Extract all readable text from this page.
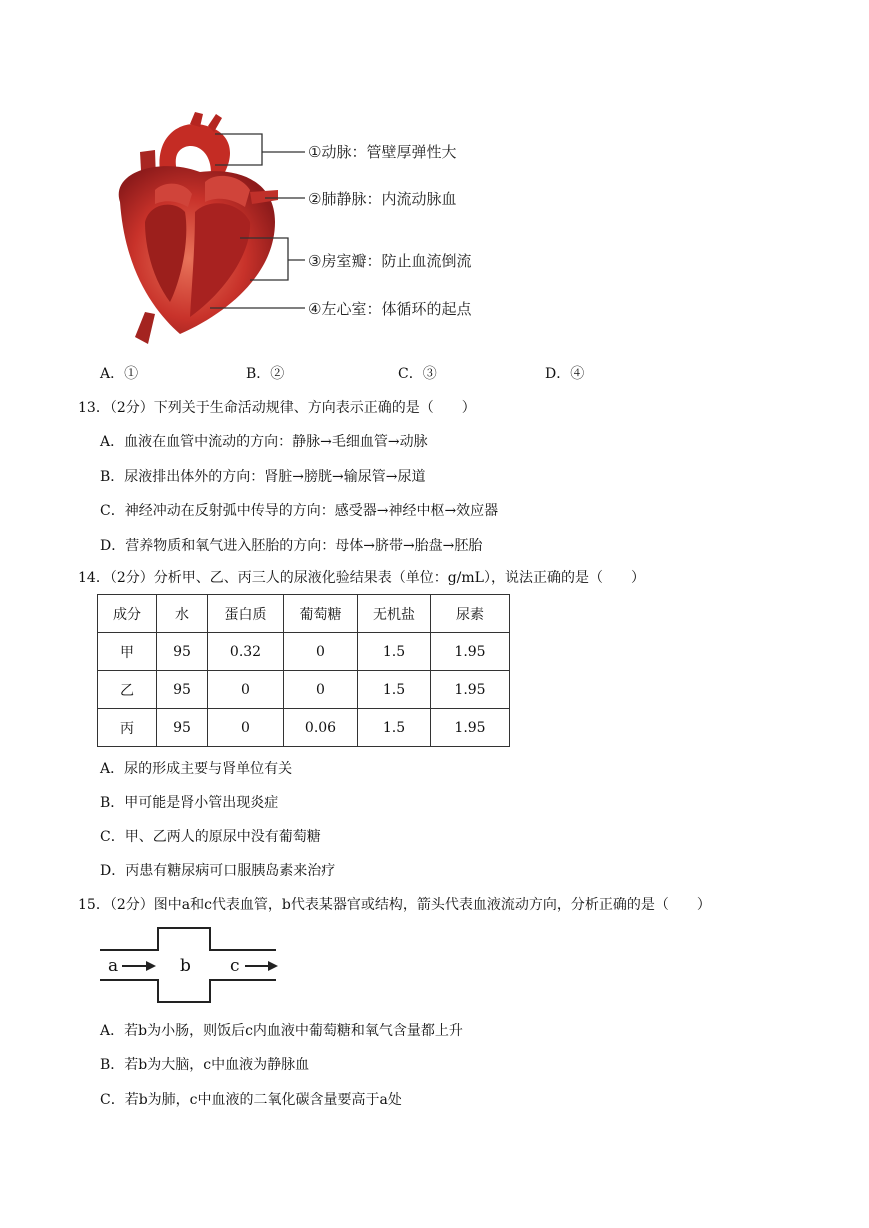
①动脉：管壁厚弹性大
②肺静脉：内流动脉血
③房室瓣：防止血流倒流
④左心室：体循环的起点
A．①	B．②	C．③	D．④
13．（2分）下列关于生命活动规律、方向表示正确的是（　　）
A．血液在血管中流动的方向：静脉→毛细血管→动脉
B．尿液排出体外的方向：肾脏→膀胱→输尿管→尿道
C．神经冲动在反射弧中传导的方向：感受器→神经中枢→效应器
D．营养物质和氧气进入胚胎的方向：母体→脐带→胎盘→胚胎
14．（2分）分析甲、乙、丙三人的尿液化验结果表（单位：g/mL），说法正确的是（　　）
成分	水	蛋白质	葡萄糖	无机盐	尿素
甲	95	0.32	0	1.5	1.95
乙	95	0	0	1.5	1.95
丙	95	0	0.06	1.5	1.95
A．尿的形成主要与肾单位有关
B．甲可能是肾小管出现炎症
C．甲、乙两人的原尿中没有葡萄糖
D．丙患有糖尿病可口服胰岛素来治疗
15．（2分）图中a和c代表血管，b代表某器官或结构，箭头代表血液流动方向，分析正确的是（　　）
a	b c
A．若b为小肠，则饭后c内血液中葡萄糖和氧气含量都上升
B．若b为大脑，c中血液为静脉血
C．若b为肺，c中血液的二氧化碳含量要高于a处
